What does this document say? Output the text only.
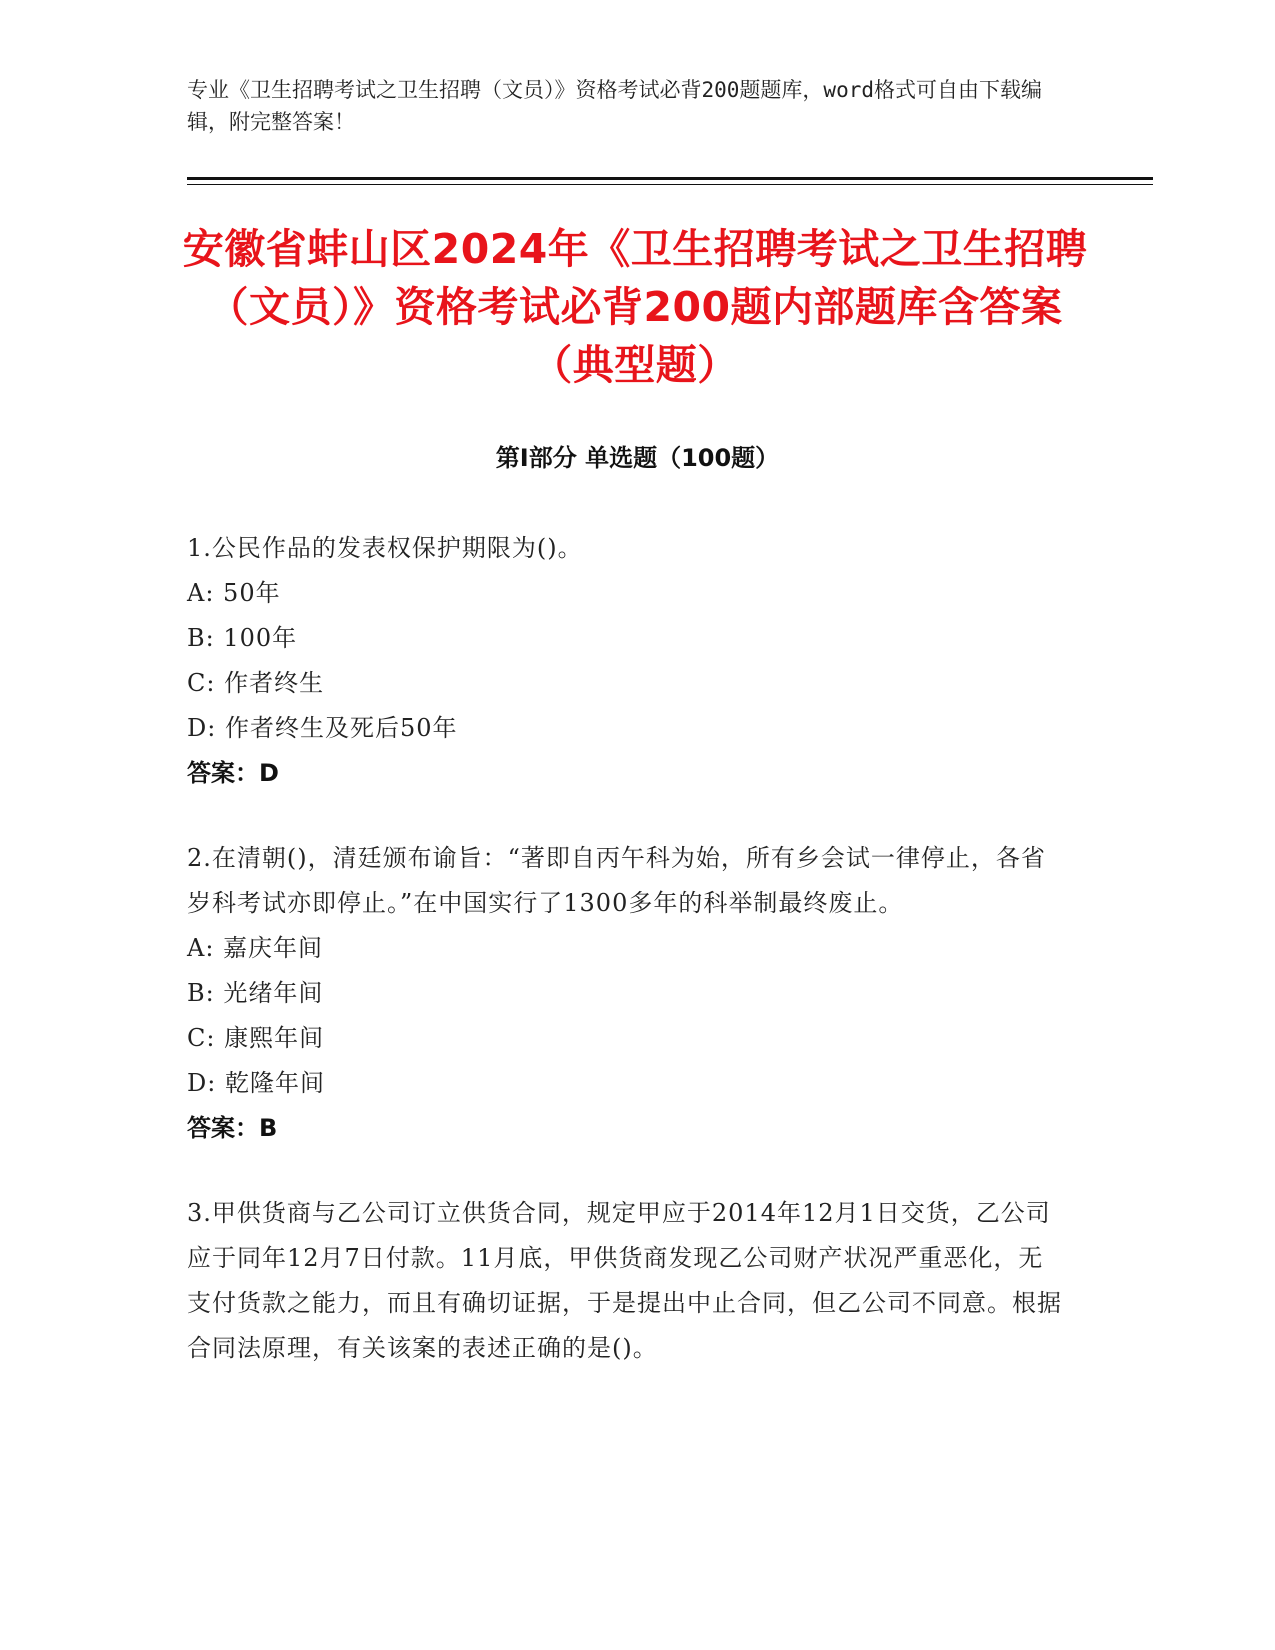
专业《卫生招聘考试之卫生招聘（文员）》资格考试必背200题题库，word格式可自由下载编辑，附完整答案！
安徽省蚌山区2024年《卫生招聘考试之卫生招聘（文员）》资格考试必背200题内部题库含答案（典型题）
第I部分 单选题（100题）
1.公民作品的发表权保护期限为()。
A: 50年
B: 100年
C: 作者终生
D: 作者终生及死后50年
答案：D
2.在清朝()，清廷颁布谕旨：“著即自丙午科为始，所有乡会试一律停止，各省岁科考试亦即停止。”在中国实行了1300多年的科举制最终废止。
A: 嘉庆年间
B: 光绪年间
C: 康熙年间
D: 乾隆年间
答案：B
3.甲供货商与乙公司订立供货合同，规定甲应于2014年12月1日交货，乙公司应于同年12月7日付款。11月底，甲供货商发现乙公司财产状况严重恶化，无支付货款之能力，而且有确切证据，于是提出中止合同，但乙公司不同意。根据合同法原理，有关该案的表述正确的是()。
